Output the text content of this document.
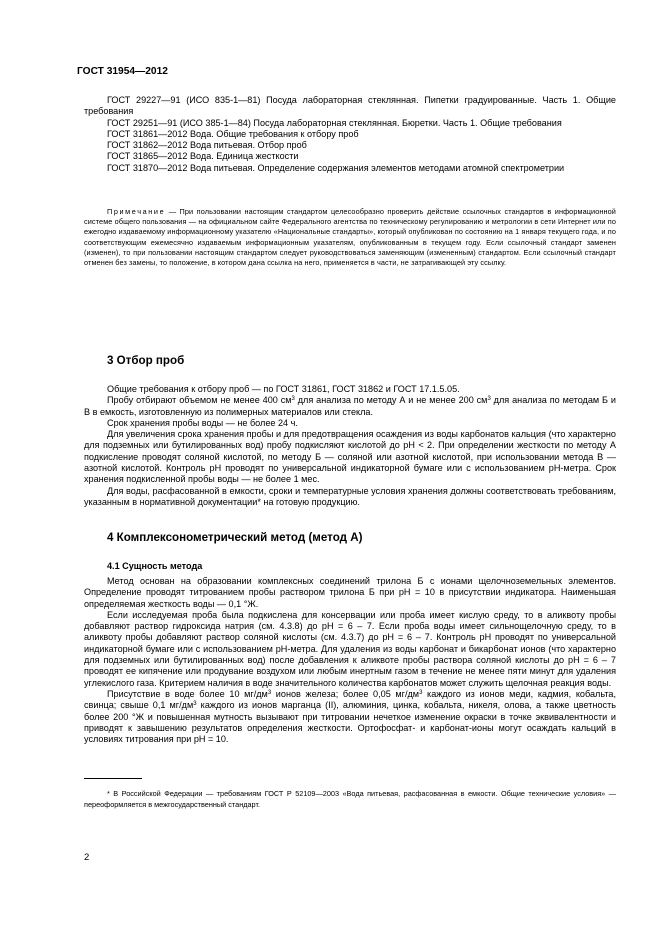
ГОСТ 31954—2012

ГОСТ 29227—91 (ИСО 835-1—81) Посуда лабораторная стеклянная. Пипетки градуированные. Часть 1. Общие требования

ГОСТ 29251—91 (ИСО 385-1—84) Посуда лабораторная стеклянная. Бюретки. Часть 1. Общие требования

ГОСТ 31861—2012 Вода. Общие требования к отбору проб

ГОСТ 31862—2012 Вода питьевая. Отбор проб

ГОСТ 31865—2012 Вода. Единица жесткости

ГОСТ 31870—2012 Вода питьевая. Определение содержания элементов методами атомной спектрометрии

Примечание — При пользовании настоящим стандартом целесообразно проверить действие ссылочных стандартов в информационной системе общего пользования — на официальном сайте Федерального агентства по техническому регулированию и метрологии в сети Интернет или по ежегодно издаваемому информационному указателю «Национальные стандарты», который опубликован по состоянию на 1 января текущего года, и по соответствующим ежемесячно издаваемым информационным указателям, опубликованным в текущем году. Если ссылочный стандарт заменен (изменен), то при пользовании настоящим стандартом следует руководствоваться заменяющим (измененным) стандартом. Если ссылочный стандарт отменен без замены, то положение, в котором дана ссылка на него, применяется в части, не затрагивающей эту ссылку.

3 Отбор проб

Общие требования к отбору проб — по ГОСТ 31861, ГОСТ 31862 и ГОСТ 17.1.5.05.

Пробу отбирают объемом не менее 400 $см^3$ для анализа по методу А и не менее 200 $см^3$ для анализа по методам Б и В в емкость, изготовленную из полимерных материалов или стекла.

Срок хранения пробы воды — не более 24 ч.

Для увеличения срока хранения пробы и для предотвращения осаждения из воды карбонатов кальция (что характерно для подземных или бутилированных вод) пробу подкисляют кислотой до рН < 2. При определении жесткости по методу А подкисление проводят соляной кислотой, по методу Б — соляной или азотной кислотой, при использовании метода В — азотной кислотой. Контроль рН проводят по универсальной индикаторной бумаге или с использованием рН-метра. Срок хранения подкисленной пробы воды — не более 1 мес.

Для воды, расфасованной в емкости, сроки и температурные условия хранения должны соответствовать требованиям, указанным в нормативной документации* на готовую продукцию.

4 Комплексонометрический метод (метод А)
4.1 Сущность метода

Метод основан на образовании комплексных соединений трилона Б с ионами щелочноземельных элементов. Определение проводят титрованием пробы раствором трилона Б при рН = 10 в присутствии индикатора. Наименьшая определяемая жесткость воды — 0,1 °Ж.

Если исследуемая проба была подкислена для консервации или проба имеет кислую среду, то в аликвоту пробы добавляют раствор гидроксида натрия (см. 4.3.8) до рН = 6 – 7. Если проба воды имеет сильнощелочную среду, то в аликвоту пробы добавляют раствор соляной кислоты (см. 4.3.7) до рН = 6 – 7. Контроль рН проводят по универсальной индикаторной бумаге или с использованием рН-метра. Для удаления из воды карбонат и бикарбонат ионов (что характерно для подземных или бутилированных вод) после добавления к аликвоте пробы раствора соляной кислоты до рН = 6 – 7 проводят ее кипячение или продувание воздухом или любым инертным газом в течение не менее пяти минут для удаления углекислого газа. Критерием наличия в воде значительного количества карбонатов может служить щелочная реакция воды.

Присутствие в воде более 10 $мг/дм^3$ ионов железа; более 0,05 $мг/дм^3$ каждого из ионов меди, кадмия, кобальта, свинца; свыше 0,1 $мг/дм^3$ каждого из ионов марганца (II), алюминия, цинка, кобальта, никеля, олова, а также цветность более 200 °Ж и повышенная мутность вызывают при титровании нечеткое изменение окраски в точке эквивалентности и приводят к завышению результатов определения жесткости. Ортофосфат- и карбонат-ионы могут осаждать кальций в условиях титрования при рН = 10.

* В Российской Федерации — требованиям ГОСТ Р 52109—2003 «Вода питьевая, расфасованная в емкости. Общие технические условия» — переоформляется в межгосударственный стандарт.

2
